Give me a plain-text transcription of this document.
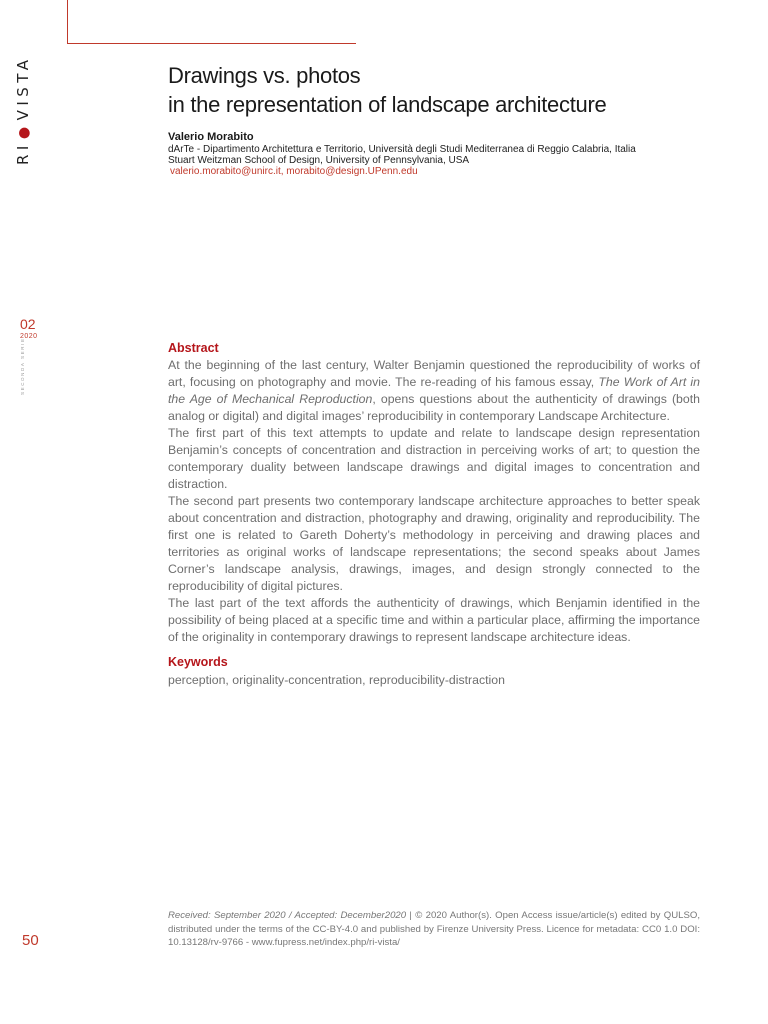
RI●VISTA
02
2020
SECONDA SERIE
Drawings vs. photos
in the representation of landscape architecture
Valerio Morabito
dArTe - Dipartimento Architettura e Territorio, Università degli Studi Mediterranea di Reggio Calabria, Italia
Stuart Weitzman School of Design, University of Pennsylvania, USA
valerio.morabito@unirc.it, morabito@design.UPenn.edu
Abstract

At the beginning of the last century, Walter Benjamin questioned the reproducibility of works of art, focusing on photography and movie. The re-reading of his famous essay, The Work of Art in the Age of Mechanical Reproduction, opens questions about the authenticity of drawings (both analog or digital) and digital images’ reproducibility in contemporary Landscape Architecture.

The first part of this text attempts to update and relate to landscape design representation Benjamin’s concepts of concentration and distraction in perceiving works of art; to question the contemporary duality between landscape drawings and digital images to concentration and distraction.

The second part presents two contemporary landscape architecture approaches to better speak about concentration and distraction, photography and drawing, originality and reproducibility. The first one is related to Gareth Doherty’s methodology in perceiving and drawing places and territories as original works of landscape representations; the second speaks about James Corner’s landscape analysis, drawings, images, and design strongly connected to the reproducibility of digital pictures.

The last part of the text affords the authenticity of drawings, which Benjamin identified in the possibility of being placed at a specific time and within a particular place, affirming the importance of the originality in contemporary drawings to represent landscape architecture ideas.

Keywords
perception, originality-concentration, reproducibility-distraction
50
Received: September 2020 / Accepted: December2020 | © 2020 Author(s). Open Access issue/article(s) edited by QULSO, distributed under the terms of the CC-BY-4.0 and published by Firenze University Press. Licence for metadata: CC0 1.0 DOI: 10.13128/rv-9766 - www.fupress.net/index.php/ri-vista/
